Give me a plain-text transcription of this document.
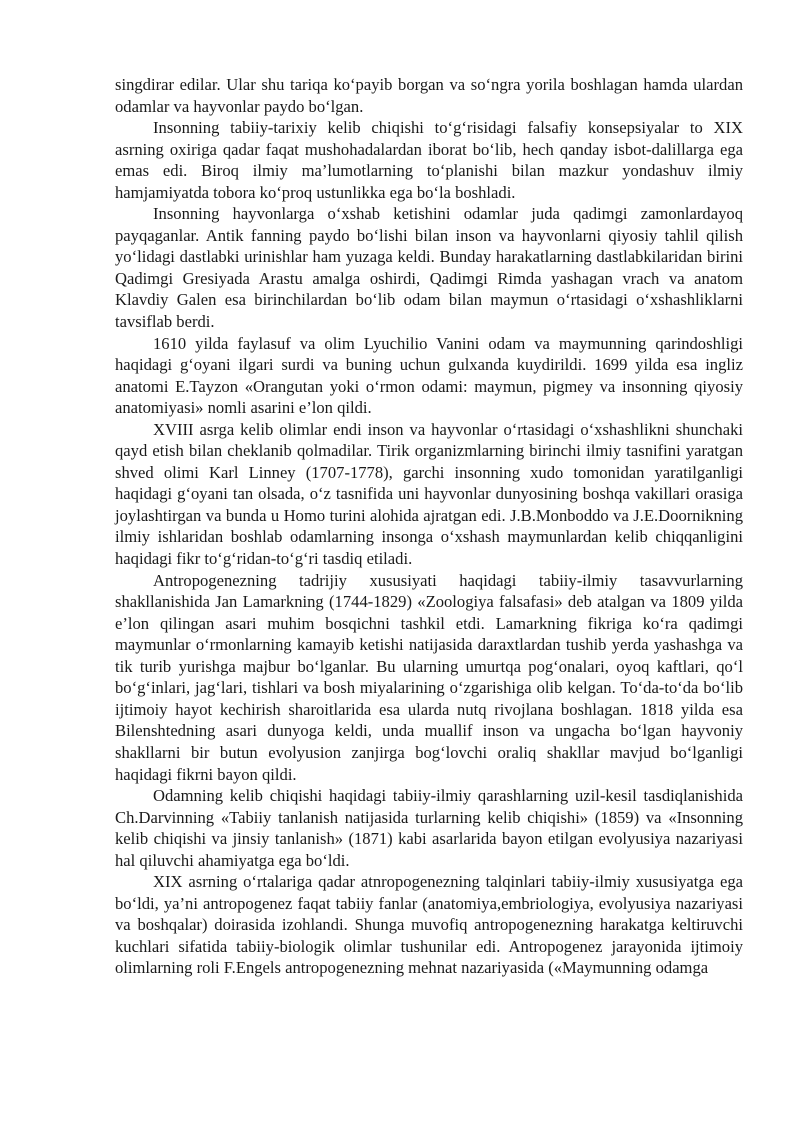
singdirar edilar. Ular shu tariqa ko‘payib borgan va so‘ngra yorila boshlagan hamda ulardan odamlar va hayvonlar paydo bo‘lgan.

Insonning tabiiy-tarixiy kelib chiqishi to‘g‘risidagi falsafiy konsepsiyalar to XIX asrning oxiriga qadar faqat mushohadalardan iborat bo‘lib, hech qanday isbot-dalillarga ega emas edi. Biroq ilmiy ma’lumotlarning to‘planishi bilan mazkur yondashuv ilmiy hamjamiyatda tobora ko‘proq ustunlikka ega bo‘la boshladi.

Insonning hayvonlarga o‘xshab ketishini odamlar juda qadimgi zamonlardayoq payqaganlar. Antik fanning paydo bo‘lishi bilan inson va hayvonlarni qiyosiy tahlil qilish yo‘lidagi dastlabki urinishlar ham yuzaga keldi. Bunday harakatlarning dastlabkilaridan birini Qadimgi Gresiyada Arastu amalga oshirdi, Qadimgi Rimda yashagan vrach va anatom Klavdiy Galen esa birinchilardan bo‘lib odam bilan maymun o‘rtasidagi o‘xshashliklarni tavsiflab berdi.

1610 yilda faylasuf va olim Lyuchilio Vanini odam va maymunning qarindoshligi haqidagi g‘oyani ilgari surdi va buning uchun gulxanda kuydirildi. 1699 yilda esa ingliz anatomi E.Tayzon «Orangutan yoki o‘rmon odami: maymun, pigmey va insonning qiyosiy anatomiyasi» nomli asarini e’lon qildi.

XVIII asrga kelib olimlar endi inson va hayvonlar o‘rtasidagi o‘xshashlikni shunchaki qayd etish bilan cheklanib qolmadilar. Tirik organizmlarning birinchi ilmiy tasnifini yaratgan shved olimi Karl Linney (1707-1778), garchi insonning xudo tomonidan yaratilganligi haqidagi g‘oyani tan olsada, o‘z tasnifida uni hayvonlar dunyosining boshqa vakillari orasiga joylashtirgan va bunda u Homo turini alohida ajratgan edi. J.B.Monboddo va J.E.Doornikning ilmiy ishlaridan boshlab odamlarning insonga o‘xshash maymunlardan kelib chiqqanligini haqidagi fikr to‘g‘ridan-to‘g‘ri tasdiq etiladi.

Antropogenezning tadrijiy xususiyati haqidagi tabiiy-ilmiy tasavvurlarning shakllanishida Jan Lamarkning (1744-1829) «Zoologiya falsafasi» deb atalgan va 1809 yilda e’lon qilingan asari muhim bosqichni tashkil etdi. Lamarkning fikriga ko‘ra qadimgi maymunlar o‘rmonlarning kamayib ketishi natijasida daraxtlardan tushib yerda yashashga va tik turib yurishga majbur bo‘lganlar. Bu ularning umurtqa pog‘onalari, oyoq kaftlari, qo‘l bo‘g‘inlari, jag‘lari, tishlari va bosh miyalarining o‘zgarishiga olib kelgan. To‘da-to‘da bo‘lib ijtimoiy hayot kechirish sharoitlarida esa ularda nutq rivojlana boshlagan. 1818 yilda esa Bilenshtedning asari dunyoga keldi, unda muallif inson va ungacha bo‘lgan hayvoniy shakllarni bir butun evolyusion zanjirga bog‘lovchi oraliq shakllar mavjud bo‘lganligi haqidagi fikrni bayon qildi.

Odamning kelib chiqishi haqidagi tabiiy-ilmiy qarashlarning uzil-kesil tasdiqlanishida Ch.Darvinning «Tabiiy tanlanish natijasida turlarning kelib chiqishi» (1859) va «Insonning kelib chiqishi va jinsiy tanlanish» (1871) kabi asarlarida bayon etilgan evolyusiya nazariyasi hal qiluvchi ahamiyatga ega bo‘ldi.

XIX asrning o‘rtalariga qadar atnropogenezning talqinlari tabiiy-ilmiy xususiyatga ega bo‘ldi, ya’ni antropogenez faqat tabiiy fanlar (anatomiya,embriologiya, evolyusiya nazariyasi va boshqalar) doirasida izohlandi. Shunga muvofiq antropogenezning harakatga keltiruvchi kuchlari sifatida tabiiy-biologik olimlar tushunilar edi. Antropogenez jarayonida ijtimoiy olimlarning roli F.Engels antropogenezning mehnat nazariyasida («Maymunning odamga
